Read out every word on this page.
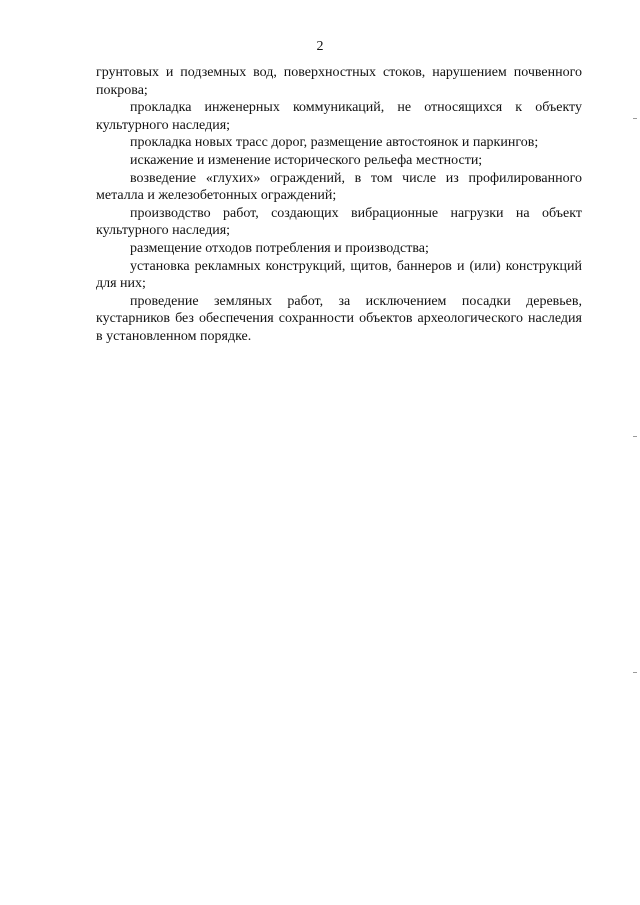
2

грунтовых и подземных вод, поверхностных стоков, нарушением почвенного покрова;

прокладка инженерных коммуникаций, не относящихся к объекту культурного наследия;

прокладка новых трасс дорог, размещение автостоянок и паркингов;

искажение и изменение исторического рельефа местности;

возведение «глухих» ограждений, в том числе из профилированного металла и железобетонных ограждений;

производство работ, создающих вибрационные нагрузки на объект культурного наследия;

размещение отходов потребления и производства;

установка рекламных конструкций, щитов, баннеров и (или) конструкций для них;

проведение земляных работ, за исключением посадки деревьев, кустарников без обеспечения сохранности объектов археологического наследия в установленном порядке.
